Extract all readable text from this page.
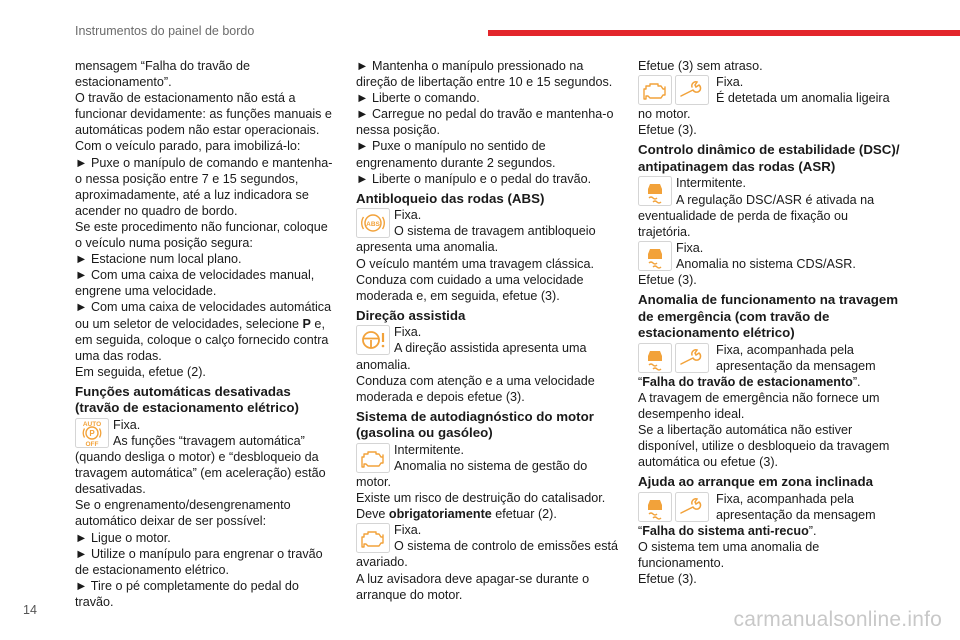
Instrumentos do painel de bordo

mensagem “Falha do travão de estacionamento”.

O travão de estacionamento não está a funcionar devidamente: as funções manuais e automáticas podem não estar operacionais.

Com o veículo parado, para imobilizá-lo:

► Puxe o manípulo de comando e mantenha-o nessa posição entre 7 e 15 segundos, aproximadamente, até a luz indicadora se acender no quadro de bordo.

Se este procedimento não funcionar, coloque o veículo numa posição segura:

► Estacione num local plano.

► Com uma caixa de velocidades manual, engrene uma velocidade.

► Com uma caixa de velocidades automática ou um seletor de velocidades, selecione P e, em seguida, coloque o calço fornecido contra uma das rodas.

Em seguida, efetue (2).

Funções automáticas desativadas (travão de estacionamento elétrico)
AUTO
P
OFF

Fixa.

As funções “travagem automática” (quando desliga o motor) e “desbloqueio da travagem automática” (em aceleração) estão desativadas.

Se o engrenamento/desengrenamento automático deixar de ser possível:

► Ligue o motor.

► Utilize o manípulo para engrenar o travão de estacionamento elétrico.

► Tire o pé completamente do pedal do travão.

► Mantenha o manípulo pressionado na direção de libertação entre 10 e 15 segundos.

► Liberte o comando.

► Carregue no pedal do travão e mantenha-o nessa posição.

► Puxe o manípulo no sentido de engrenamento durante 2 segundos.

► Liberte o manípulo e o pedal do travão.

Antibloqueio das rodas (ABS)
ABS

Fixa.

O sistema de travagem antibloqueio apresenta uma anomalia.

O veículo mantém uma travagem clássica. Conduza com cuidado a uma velocidade moderada e, em seguida, efetue (3).

Direção assistida

Fixa.

A direção assistida apresenta uma anomalia.

Conduza com atenção e a uma velocidade moderada e depois efetue (3).

Sistema de autodiagnóstico do motor (gasolina ou gasóleo)

Intermitente.

Anomalia no sistema de gestão do motor.

Existe um risco de destruição do catalisador.

Deve obrigatoriamente efetuar (2).

Fixa.

O sistema de controlo de emissões está avariado.

A luz avisadora deve apagar-se durante o arranque do motor.

Efetue (3) sem atraso.

Fixa.

É detetada um anomalia ligeira no motor.

Efetue (3).

Controlo dinâmico de estabilidade (DSC)/ antipatinagem das rodas (ASR)

Intermitente.

A regulação DSC/ASR é ativada na eventualidade de perda de fixação ou trajetória.

Fixa.

Anomalia no sistema CDS/ASR.

Efetue (3).

Anomalia de funcionamento na travagem de emergência (com travão de estacionamento elétrico)

Fixa, acompanhada pela apresentação da mensagem

“Falha do travão de estacionamento”.

A travagem de emergência não fornece um desempenho ideal.

Se a libertação automática não estiver disponível, utilize o desbloqueio da travagem automática ou efetue (3).

Ajuda ao arranque em zona inclinada

Fixa, acompanhada pela apresentação da mensagem

“Falha do sistema anti-recuo”.

O sistema tem uma anomalia de funcionamento.

Efetue (3).

14	carmanualsonline.info
